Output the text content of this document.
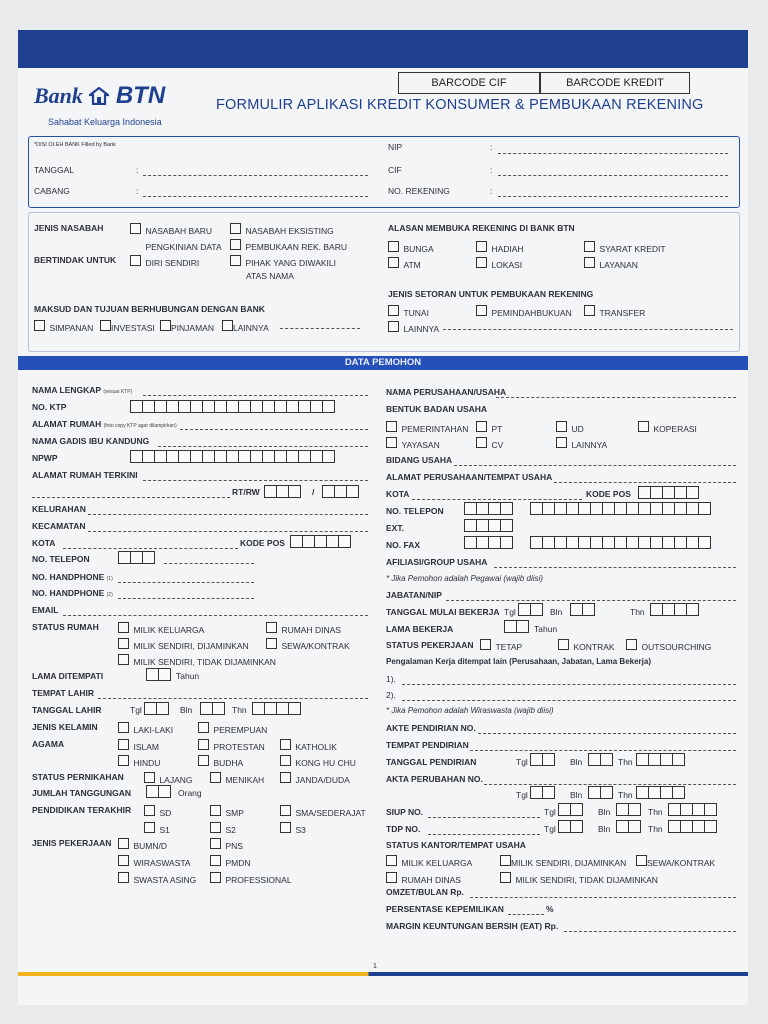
Bank BTN
Sahabat Keluarga Indonesia
BARCODE CIF	BARCODE KREDIT
FORMULIR APLIKASI KREDIT KONSUMER & PEMBUKAAN REKENING
*DISI OLEH BANK Filled by Bank
TANGGAL	:
CABANG	:
NIP	:
CIF	:
NO. REKENING	:
JENIS NASABAH	NASABAH BARU	NASABAH EKSISTING
PENGKINIAN DATA	PEMBUKAAN REK. BARU
BERTINDAK UNTUK	DIRI SENDIRI	PIHAK YANG DIWAKILI
ATAS NAMA
MAKSUD DAN TUJUAN BERHUBUNGAN DENGAN BANK
SIMPANAN	INVESTASI	PINJAMAN	LAINNYA
ALASAN MEMBUKA REKENING DI BANK BTN
BUNGA	HADIAH	SYARAT KREDIT
ATM	LOKASI	LAYANAN
JENIS SETORAN UNTUK PEMBUKAAN REKENING
TUNAI	PEMINDAHBUKUAN	TRANSFER
LAINNYA
DATA PEMOHON
NAMA LENGKAP (sesuai KTP)
NO. KTP
ALAMAT RUMAH (foto copy KTP agar dilampirkan)
NAMA GADIS IBU KANDUNG
NPWP
ALAMAT RUMAH TERKINI
RT/RW	/
KELURAHAN
KECAMATAN
KOTA	KODE POS
NO. TELEPON
NO. HANDPHONE (1)
NO. HANDPHONE (2)
EMAIL
STATUS RUMAH	MILIK KELUARGA	RUMAH DINAS
MILIK SENDIRI, DIJAMINKAN	SEWA/KONTRAK
MILIK SENDIRI, TIDAK DIJAMINKAN
LAMA DITEMPATI	Tahun
TEMPAT LAHIR
TANGGAL LAHIR	Tgl	Bln	Thn
JENIS KELAMIN	LAKI-LAKI	PEREMPUAN
AGAMA	ISLAM	PROTESTAN	KATHOLIK
HINDU	BUDHA	KONG HU CHU
STATUS PERNIKAHAN	LAJANG	MENIKAH	JANDA/DUDA
JUMLAH TANGGUNGAN	Orang
PENDIDIKAN TERAKHIR	SD	SMP	SMA/SEDERAJAT
S1	S2	S3
JENIS PEKERJAAN	BUMN/D	PNS
WIRASWASTA	PMDN
SWASTA ASING	PROFESSIONAL
NAMA PERUSAHAAN/USAHA
BENTUK BADAN USAHA
PEMERINTAHAN	PT	UD	KOPERASI
YAYASAN	CV	LAINNYA
BIDANG USAHA
ALAMAT PERUSAHAAN/TEMPAT USAHA
KOTA	KODE POS
NO. TELEPON
EXT.
NO. FAX
AFILIASI/GROUP USAHA
* Jika Pemohon adalah Pegawai (wajib diisi)
JABATAN/NIP
TANGGAL MULAI BEKERJA Tgl	Bln	Thn
LAMA BEKERJA	Tahun
STATUS PEKERJAAN	TETAP	KONTRAK	OUTSOURCHING
Pengalaman Kerja ditempat lain (Perusahaan, Jabatan, Lama Bekerja)
1).
2).
* Jika Pemohon adalah Wiraswasta (wajib diisi)
AKTE PENDIRIAN NO.
TEMPAT PENDIRIAN
TANGGAL PENDIRIAN	Tgl	Bln	Thn
AKTA PERUBAHAN NO.
Tgl	Bln	Thn
SIUP NO.	Tgl	Bln	Thn
TDP NO.	Tgl	Bln	Thn
STATUS KANTOR/TEMPAT USAHA
MILIK KELUARGA	MILIK SENDIRI, DIJAMINKAN	SEWA/KONTRAK
RUMAH DINAS	MILIK SENDIRI, TIDAK DIJAMINKAN
OMZET/BULAN Rp.
PERSENTASE KEPEMILIKAN	%
MARGIN KEUNTUNGAN BERSIH (EAT) Rp.
1
